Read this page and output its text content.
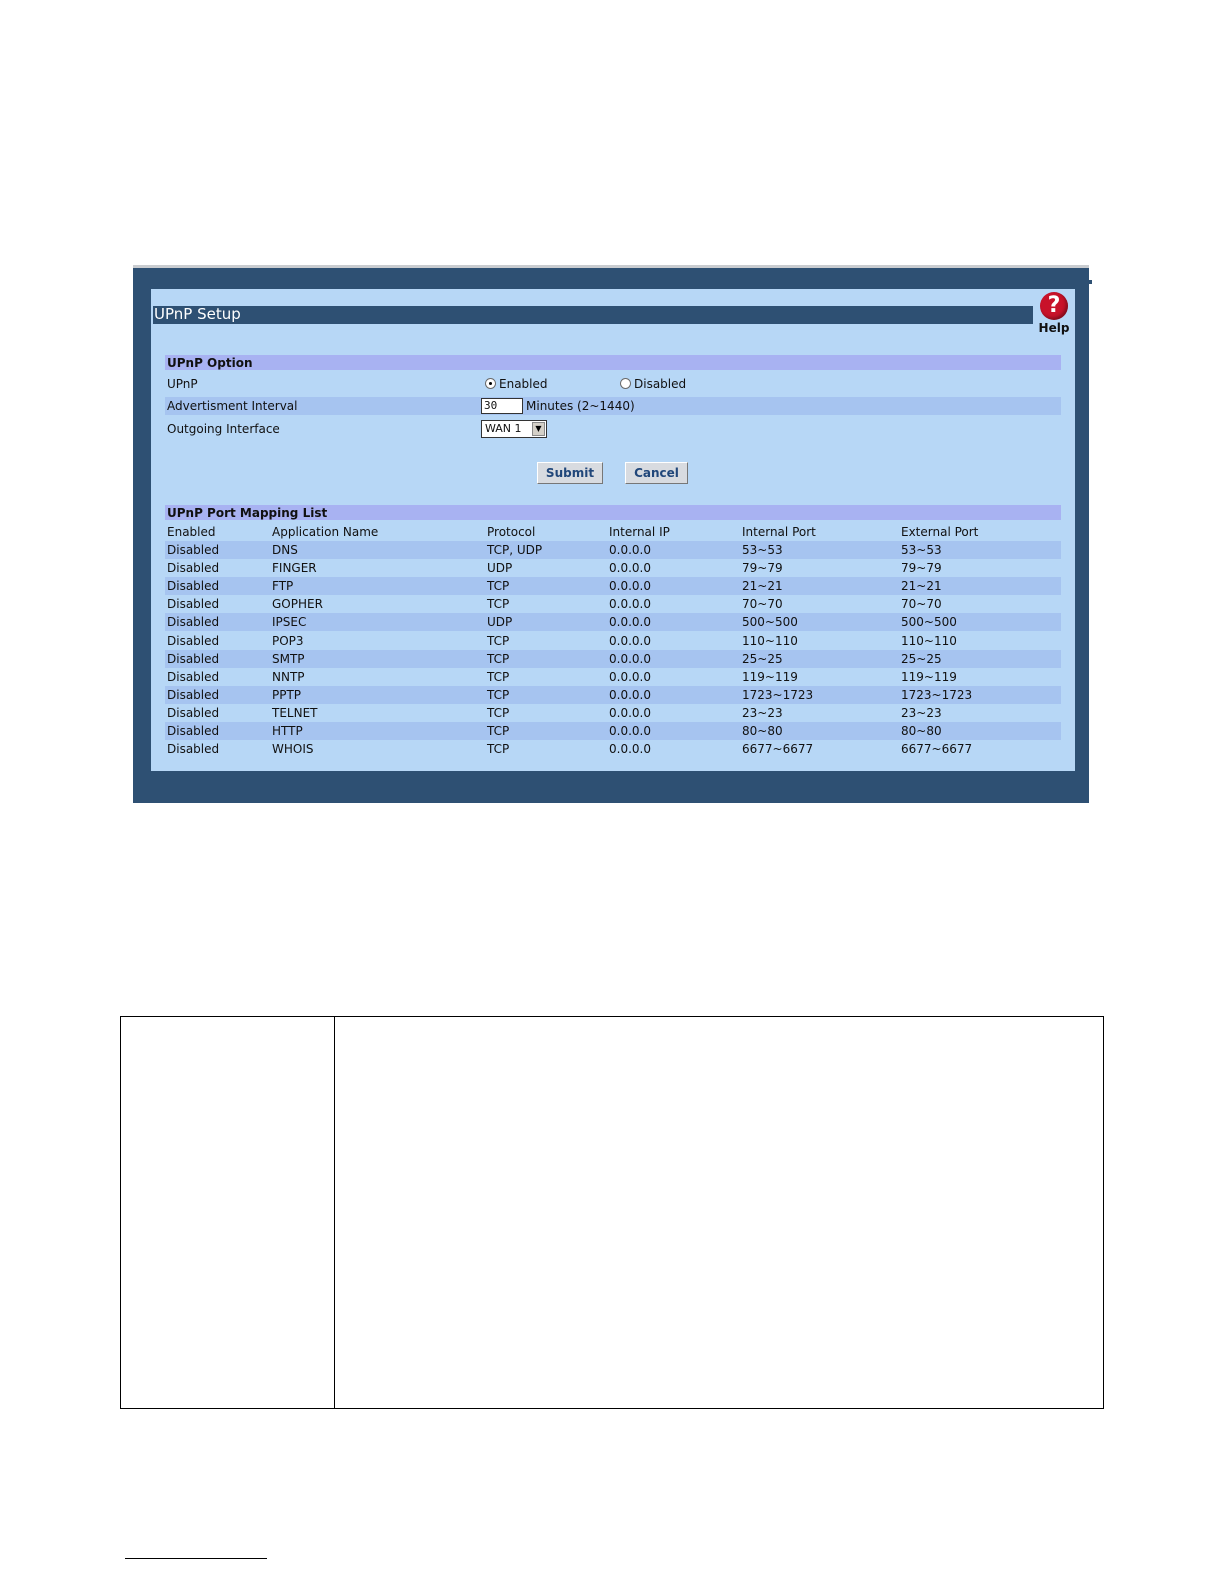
UPnP Setup	?
Help
UPnP Option
UPnP	Enabled	Disabled
Advertisment Interval	30	Minutes (2~1440)
Outgoing Interface	WAN 1	▼
Submit	Cancel
UPnP Port Mapping List
Enabled	Application Name	Protocol	Internal IP	Internal Port	External Port
Disabled	DNS	TCP, UDP	0.0.0.0	53~53	53~53
Disabled	FINGER	UDP	0.0.0.0	79~79	79~79
Disabled	FTP	TCP	0.0.0.0	21~21	21~21
Disabled	GOPHER	TCP	0.0.0.0	70~70	70~70
Disabled	IPSEC	UDP	0.0.0.0	500~500	500~500
Disabled	POP3	TCP	0.0.0.0	110~110	110~110
Disabled	SMTP	TCP	0.0.0.0	25~25	25~25
Disabled	NNTP	TCP	0.0.0.0	119~119	119~119
Disabled	PPTP	TCP	0.0.0.0	1723~1723	1723~1723
Disabled	TELNET	TCP	0.0.0.0	23~23	23~23
Disabled	HTTP	TCP	0.0.0.0	80~80	80~80
Disabled	WHOIS	TCP	0.0.0.0	6677~6677	6677~6677
